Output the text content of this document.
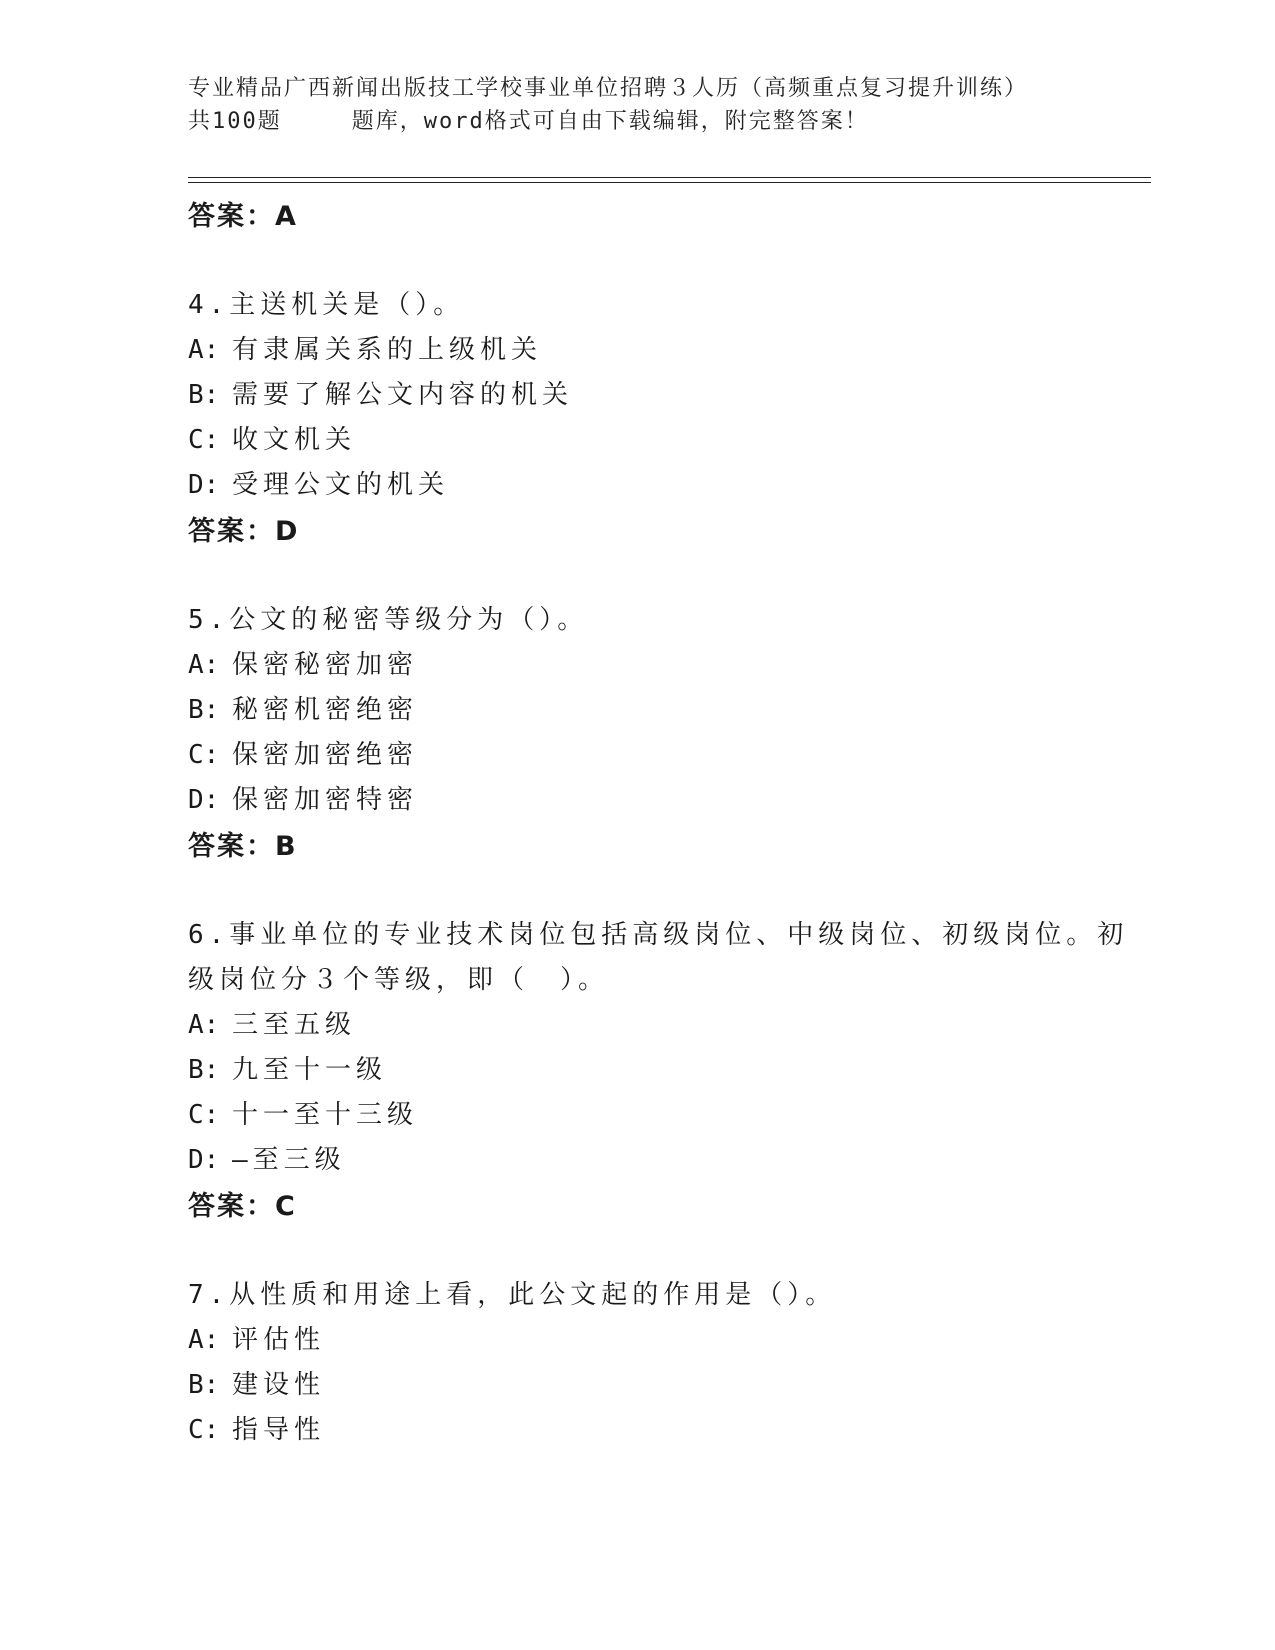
专业精品广西新闻出版技工学校事业单位招聘３人历（高频重点复习提升训练）
共100题	题库，word格式可自由下载编辑，附完整答案！
答案：A
4.主送机关是（）。
A: 有隶属关系的上级机关
B: 需要了解公文内容的机关
C: 收文机关
D: 受理公文的机关
答案：D
5.公文的秘密等级分为（）。
A: 保密秘密加密
B: 秘密机密绝密
C: 保密加密绝密
D: 保密加密特密
答案：B
6.事业单位的专业技术岗位包括高级岗位、中级岗位、初级岗位。初
级岗位分３个等级，即（　）。
A: 三至五级
B: 九至十一级
C: 十一至十三级
D: —至三级
答案：C
7.从性质和用途上看，此公文起的作用是（）。
A: 评估性
B: 建设性
C: 指导性
